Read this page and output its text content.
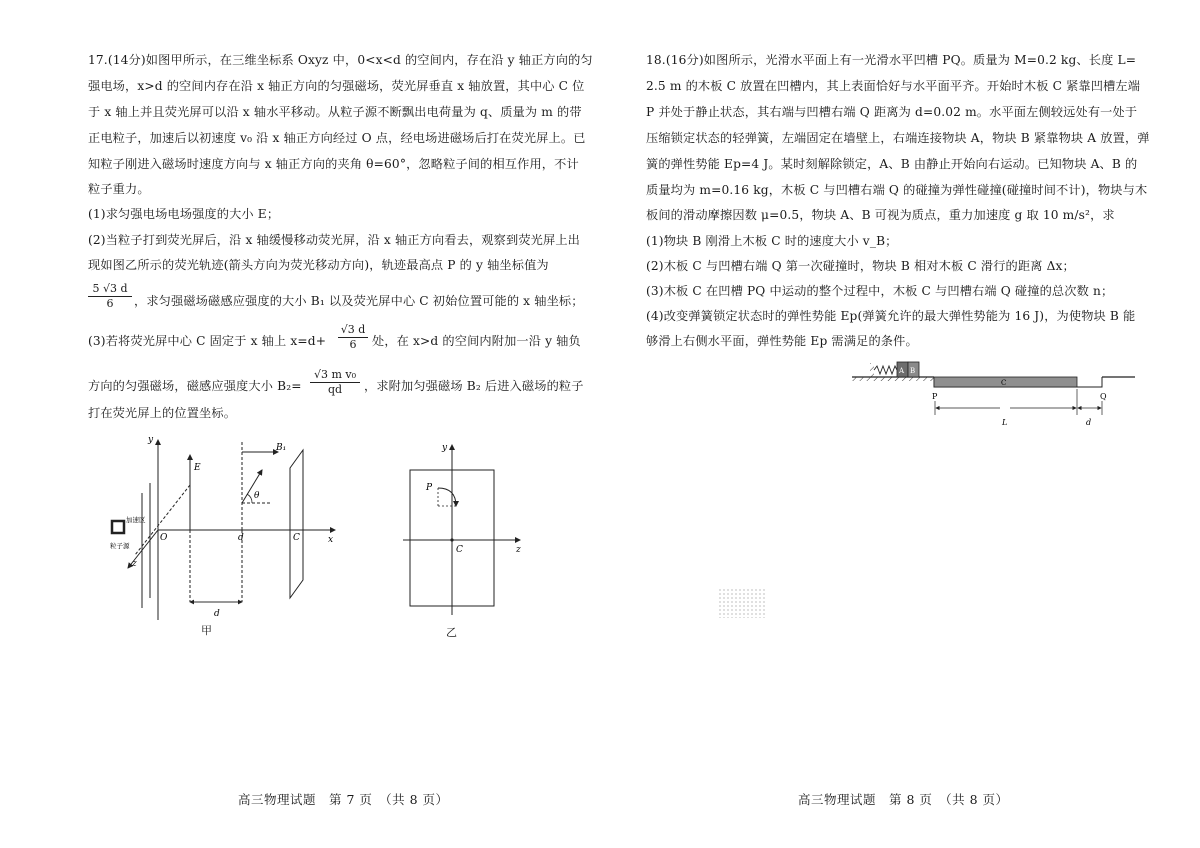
17.(14分)如图甲所示，在三维坐标系 Oxyz 中，0<x<d 的空间内，存在沿 y 轴正方向的匀
强电场，x>d 的空间内存在沿 x 轴正方向的匀强磁场，荧光屏垂直 x 轴放置，其中心 C 位
于 x 轴上并且荧光屏可以沿 x 轴水平移动。从粒子源不断飘出电荷量为 q、质量为 m 的带
正电粒子，加速后以初速度 v₀ 沿 x 轴正方向经过 O 点，经电场进磁场后打在荧光屏上。已
知粒子刚进入磁场时速度方向与 x 轴正方向的夹角 θ=60°，忽略粒子间的相互作用，不计
粒子重力。
(1)求匀强电场电场强度的大小 E；
(2)当粒子打到荧光屏后，沿 x 轴缓慢移动荧光屏，沿 x 轴正方向看去，观察到荧光屏上出
现如图乙所示的荧光轨迹(箭头方向为荧光移动方向)，轨迹最高点 P 的 y 轴坐标值为
5 √3 d
6	，求匀强磁场磁感应强度的大小 B₁ 以及荧光屏中心 C 初始位置可能的 x 轴坐标；
(3)若将荧光屏中心 C 固定于 x 轴上 x=d+
√3 d
6	处，在 x>d 的空间内附加一沿 y 轴负
方向的匀强磁场，磁感应强度大小 B₂=
√3 m v₀
qd	，求附加匀强磁场 B₂ 后进入磁场的粒子
打在荧光屏上的位置坐标。
y
x
z
O
E
B₁
θ
d	C
d
加速区
粒子源
甲
y
z
P
C
乙
高三物理试题　第 7 页　（共 8 页）
18.(16分)如图所示，光滑水平面上有一光滑水平凹槽 PQ。质量为 M=0.2 kg、长度 L=
2.5 m 的木板 C 放置在凹槽内，其上表面恰好与水平面平齐。开始时木板 C 紧靠凹槽左端
P 并处于静止状态，其右端与凹槽右端 Q 距离为 d=0.02 m。水平面左侧较远处有一处于
压缩锁定状态的轻弹簧，左端固定在墙壁上，右端连接物块 A，物块 B 紧靠物块 A 放置，弹
簧的弹性势能 Ep=4 J。某时刻解除锁定，A、B 由静止开始向右运动。已知物块 A、B 的
质量均为 m=0.16 kg，木板 C 与凹槽右端 Q 的碰撞为弹性碰撞(碰撞时间不计)，物块与木
板间的滑动摩擦因数 μ=0.5，物块 A、B 可视为质点，重力加速度 g 取 10 m/s²，求
(1)物块 B 刚滑上木板 C 时的速度大小 v_B；
(2)木板 C 与凹槽右端 Q 第一次碰撞时，物块 B 相对木板 C 滑行的距离 Δx；
(3)木板 C 在凹槽 PQ 中运动的整个过程中，木板 C 与凹槽右端 Q 碰撞的总次数 n；
(4)改变弹簧锁定状态时的弹性势能 Ep(弹簧允许的最大弹性势能为 16 J)，为使物块 B 能
够滑上右侧水平面，弹性势能 Ep 需满足的条件。
A B
C
P	Q
L	d
高三物理试题　第 8 页　（共 8 页）
